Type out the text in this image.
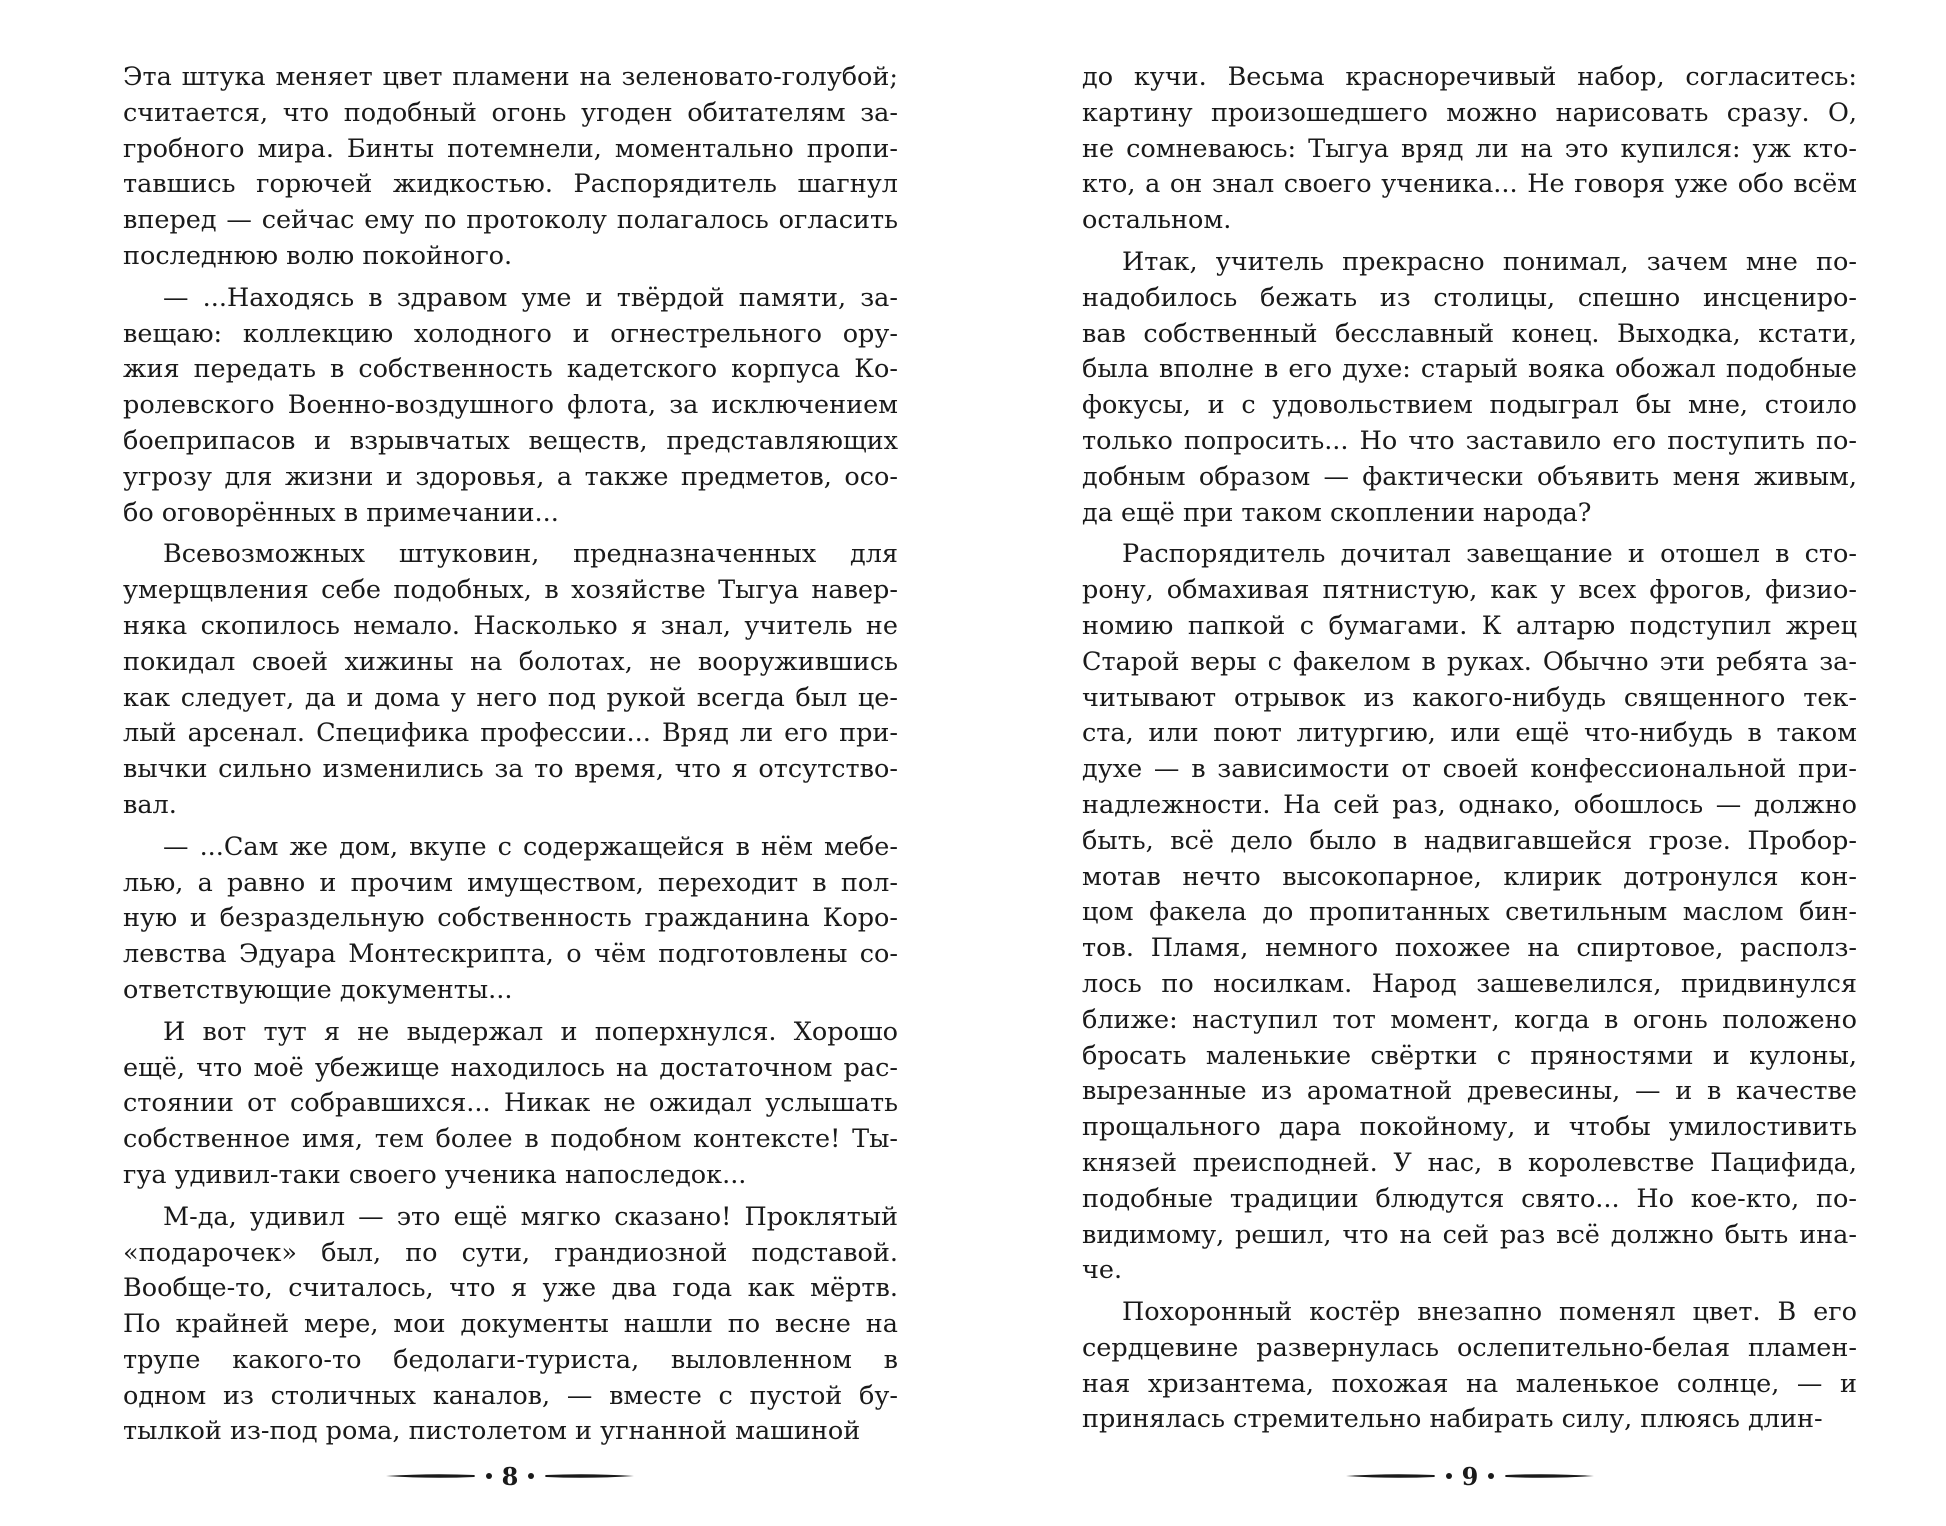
Эта штука меняет цвет пламени на зеленовато-голубой;

считается, что подобный огонь угоден обитателям за-

гробного мира. Бинты потемнели, моментально пропи-

тавшись горючей жидкостью. Распорядитель шагнул

вперед — сейчас ему по протоколу полагалось огласить

последнюю волю покойного.

— ...Находясь в здравом уме и твёрдой памяти, за-

вещаю: коллекцию холодного и огнестрельного ору-

жия передать в собственность кадетского корпуса Ко-

ролевского Военно-воздушного флота, за исключением

боеприпасов и взрывчатых веществ, представляющих

угрозу для жизни и здоровья, а также предметов, осо-

бо оговорённых в примечании...

Всевозможных штуковин, предназначенных для

умерщвления себе подобных, в хозяйстве Тыгуа навер-

няка скопилось немало. Насколько я знал, учитель не

покидал своей хижины на болотах, не вооружившись

как следует, да и дома у него под рукой всегда был це-

лый арсенал. Специфика профессии... Вряд ли его при-

вычки сильно изменились за то время, что я отсутство-

вал.

— ...Сам же дом, вкупе с содержащейся в нём мебе-

лью, а равно и прочим имуществом, переходит в пол-

ную и безраздельную собственность гражданина Коро-

левства Эдуара Монтескрипта, о чём подготовлены со-

ответствующие документы...

И вот тут я не выдержал и поперхнулся. Хорошо

ещё, что моё убежище находилось на достаточном рас-

стоянии от собравшихся... Никак не ожидал услышать

собственное имя, тем более в подобном контексте! Ты-

гуа удивил-таки своего ученика напоследок...

М-да, удивил — это ещё мягко сказано! Проклятый

«подарочек» был, по сути, грандиозной подставой.

Вообще-то, считалось, что я уже два года как мёртв.

По крайней мере, мои документы нашли по весне на

трупе какого-то бедолаги-туриста, выловленном в

одном из столичных каналов, — вместе с пустой бу-

тылкой из-под рома, пистолетом и угнанной машиной

до кучи. Весьма красноречивый набор, согласитесь:

картину произошедшего можно нарисовать сразу. О,

не сомневаюсь: Тыгуа вряд ли на это купился: уж кто-

кто, а он знал своего ученика... Не говоря уже обо всём

остальном.

Итак, учитель прекрасно понимал, зачем мне по-

надобилось бежать из столицы, спешно инсцениро-

вав собственный бесславный конец. Выходка, кстати,

была вполне в его духе: старый вояка обожал подобные

фокусы, и с удовольствием подыграл бы мне, стоило

только попросить... Но что заставило его поступить по-

добным образом — фактически объявить меня живым,

да ещё при таком скоплении народа?

Распорядитель дочитал завещание и отошел в сто-

рону, обмахивая пятнистую, как у всех фрогов, физио-

номию папкой с бумагами. К алтарю подступил жрец

Старой веры с факелом в руках. Обычно эти ребята за-

читывают отрывок из какого-нибудь священного тек-

ста, или поют литургию, или ещё что-нибудь в таком

духе — в зависимости от своей конфессиональной при-

надлежности. На сей раз, однако, обошлось — должно

быть, всё дело было в надвигавшейся грозе. Пробор-

мотав нечто высокопарное, клирик дотронулся кон-

цом факела до пропитанных светильным маслом бин-

тов. Пламя, немного похожее на спиртовое, располз-

лось по носилкам. Народ зашевелился, придвинулся

ближе: наступил тот момент, когда в огонь положено

бросать маленькие свёртки с пряностями и кулоны,

вырезанные из ароматной древесины, — и в качестве

прощального дара покойному, и чтобы умилостивить

князей преисподней. У нас, в королевстве Пацифида,

подобные традиции блюдутся свято... Но кое-кто, по-

видимому, решил, что на сей раз всё должно быть ина-

че.

Похоронный костёр внезапно поменял цвет. В его

сердцевине развернулась ослепительно-белая пламен-

ная хризантема, похожая на маленькое солнце, — и

принялась стремительно набирать силу, плюясь длин-

8	9
